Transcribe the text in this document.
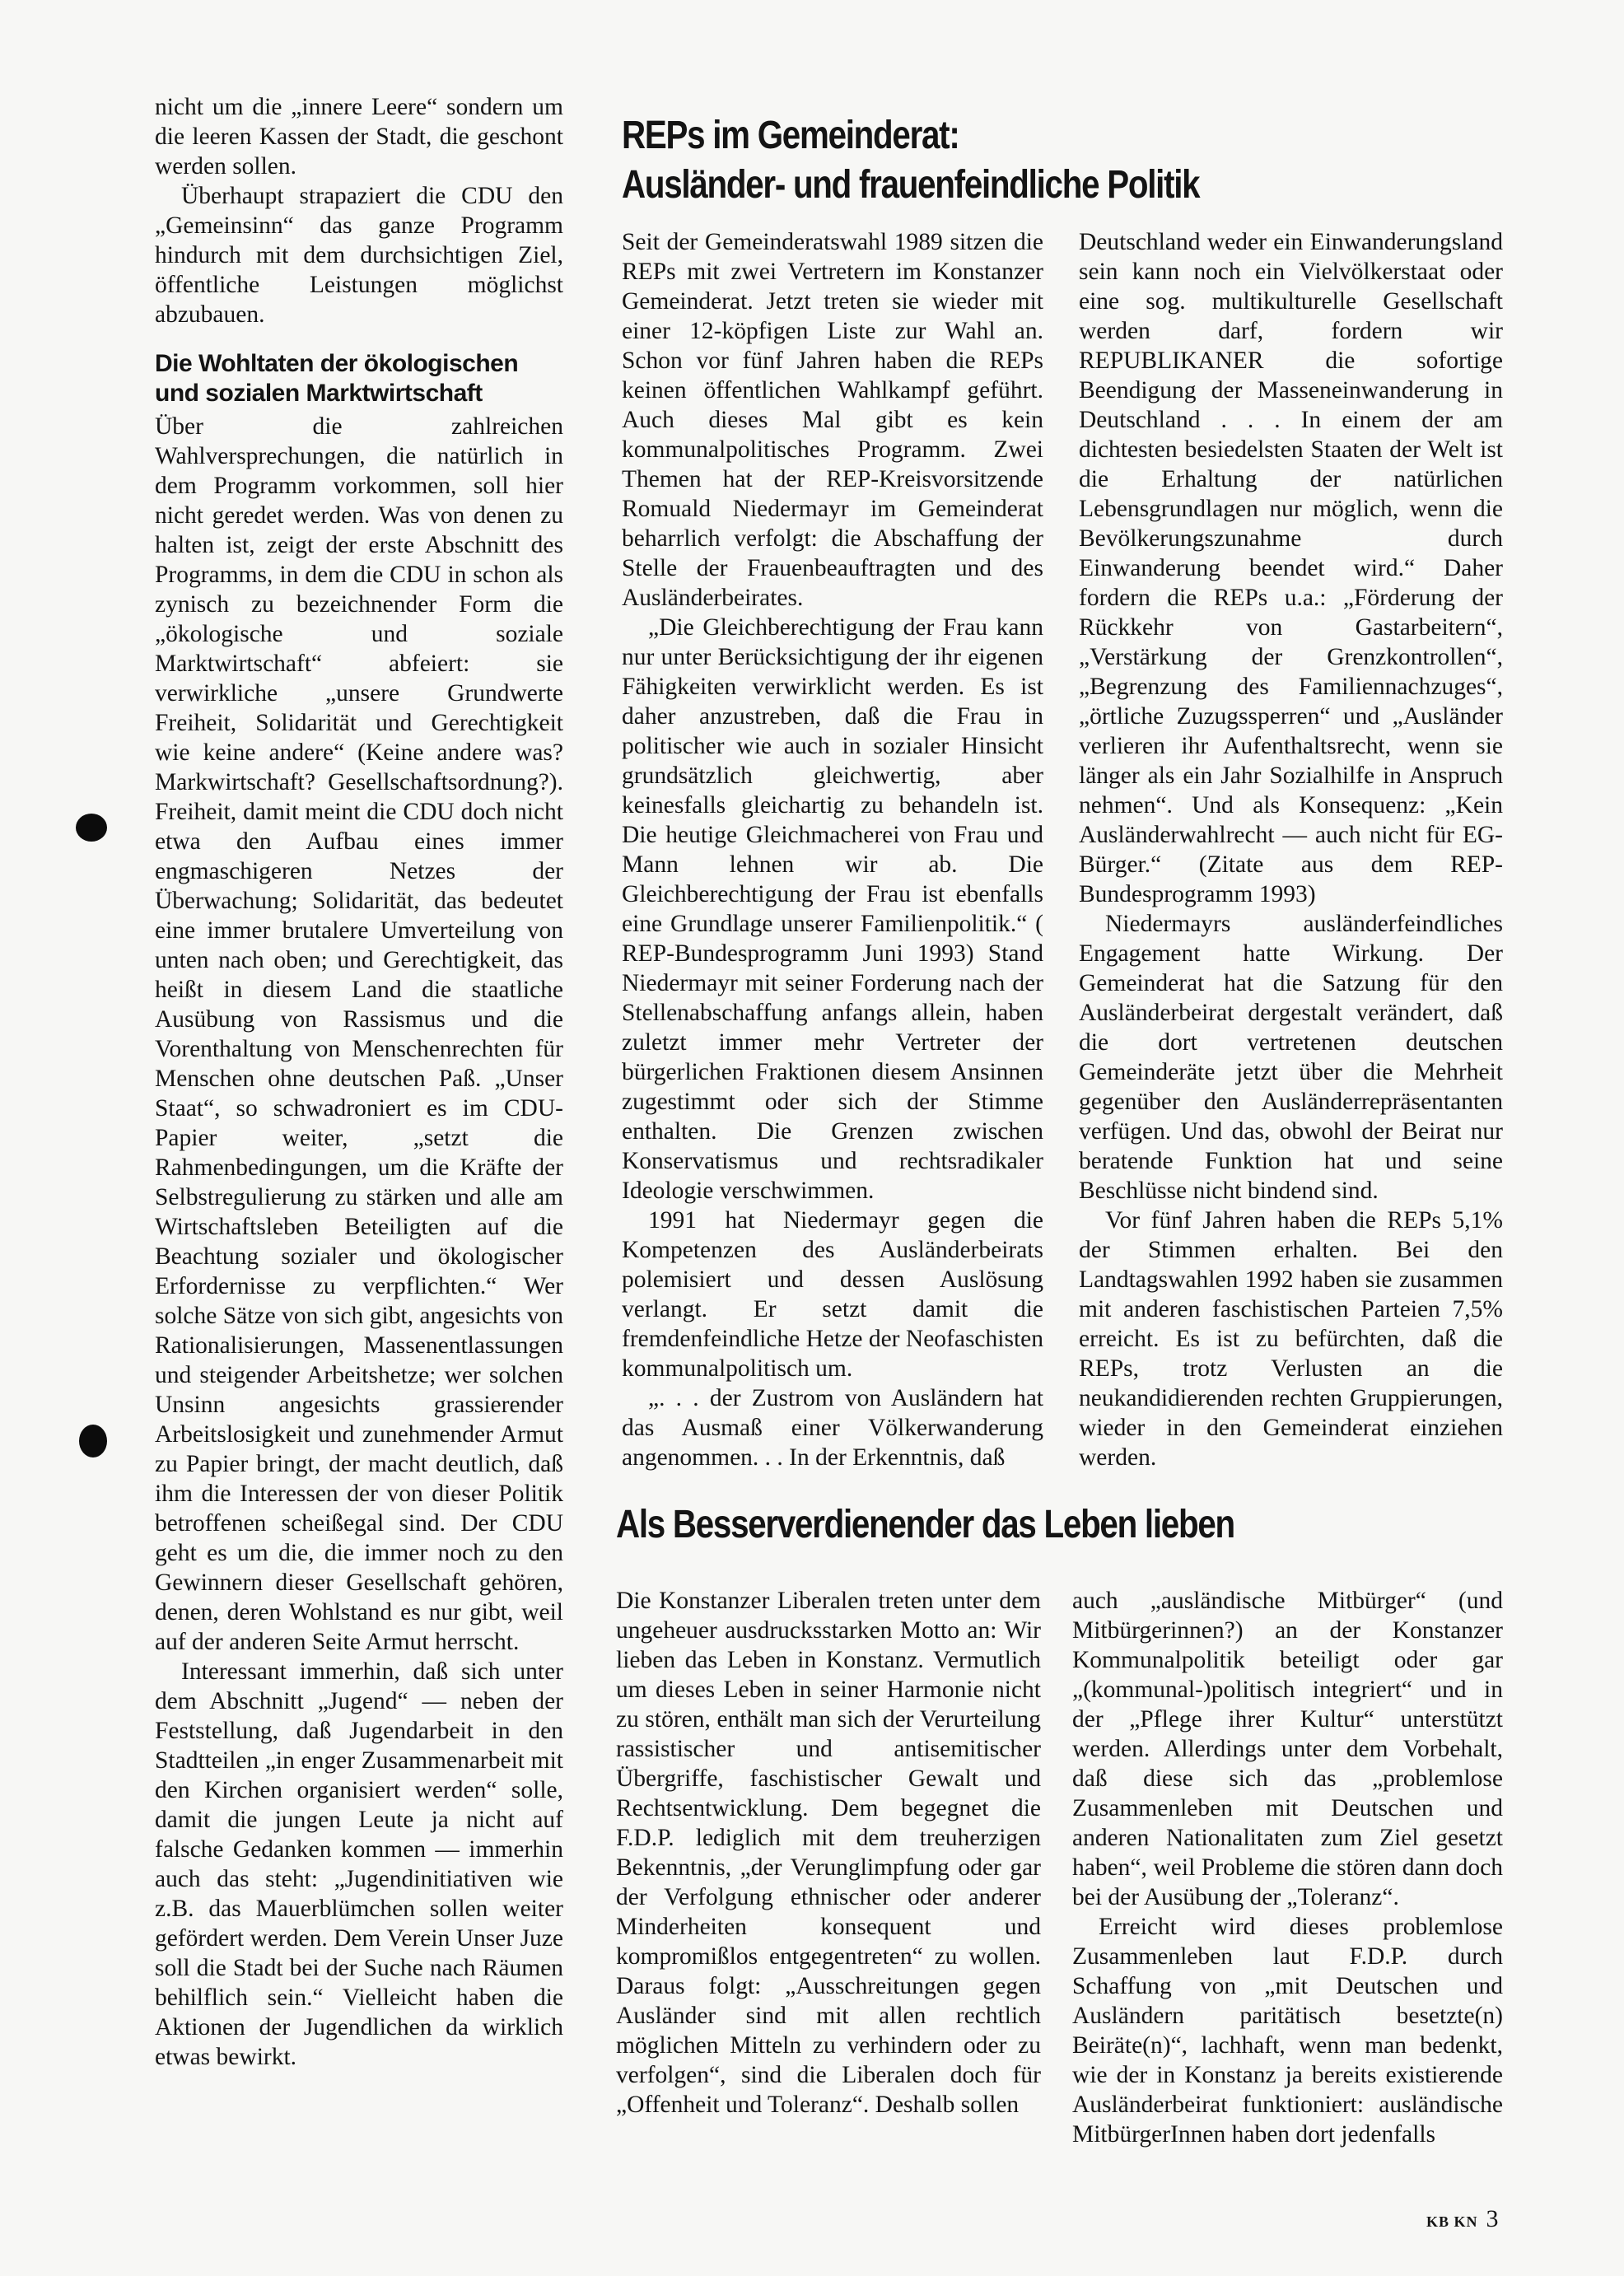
nicht um die „innere Leere“ sondern um die leeren Kassen der Stadt, die geschont werden sollen.

Überhaupt strapaziert die CDU den „Gemeinsinn“ das ganze Programm hindurch mit dem durchsichtigen Ziel, öffentliche Leistungen möglichst abzubauen.

Die Wohltaten der ökologischen und sozialen Marktwirtschaft

Über die zahlreichen Wahlversprechungen, die natürlich in dem Programm vorkommen, soll hier nicht geredet werden. Was von denen zu halten ist, zeigt der erste Abschnitt des Programms, in dem die CDU in schon als zynisch zu bezeichnender Form die „ökologische und soziale Marktwirtschaft“ abfeiert: sie verwirkliche „unsere Grundwerte Freiheit, Solidarität und Gerechtigkeit wie keine andere“ (Keine andere was? Markwirtschaft? Gesellschaftsordnung?). Freiheit, damit meint die CDU doch nicht etwa den Aufbau eines immer engmaschigeren Netzes der Überwachung; Solidarität, das bedeutet eine immer brutalere Umverteilung von unten nach oben; und Gerechtigkeit, das heißt in diesem Land die staatliche Ausübung von Rassismus und die Vorenthaltung von Menschenrechten für Menschen ohne deutschen Paß. „Unser Staat“, so schwadroniert es im CDU-Papier weiter, „setzt die Rahmenbedingungen, um die Kräfte der Selbstregulierung zu stärken und alle am Wirtschaftsleben Beteiligten auf die Beachtung sozialer und ökologischer Erfordernisse zu verpflichten.“ Wer solche Sätze von sich gibt, angesichts von Rationalisierungen, Massenentlassungen und steigender Arbeitshetze; wer solchen Unsinn angesichts grassierender Arbeitslosigkeit und zunehmender Armut zu Papier bringt, der macht deutlich, daß ihm die Interessen der von dieser Politik betroffenen scheißegal sind. Der CDU geht es um die, die immer noch zu den Gewinnern dieser Gesellschaft gehören, denen, deren Wohlstand es nur gibt, weil auf der anderen Seite Armut herrscht.

Interessant immerhin, daß sich unter dem Abschnitt „Jugend“ — neben der Feststellung, daß Jugendarbeit in den Stadtteilen „in enger Zusammenarbeit mit den Kirchen organisiert werden“ solle, damit die jungen Leute ja nicht auf falsche Gedanken kommen — immerhin auch das steht: „Jugendinitiativen wie z.B. das Mauerblümchen sollen weiter gefördert werden. Dem Verein Unser Juze soll die Stadt bei der Suche nach Räumen behilflich sein.“ Vielleicht haben die Aktionen der Jugendlichen da wirklich etwas bewirkt.

REPs im Gemeinderat:
Ausländer- und frauenfeindliche Politik

Seit der Gemeinderatswahl 1989 sitzen die REPs mit zwei Vertretern im Konstanzer Gemeinderat. Jetzt treten sie wieder mit einer 12-köpfigen Liste zur Wahl an. Schon vor fünf Jahren haben die REPs keinen öffentlichen Wahlkampf geführt. Auch dieses Mal gibt es kein kommunalpolitisches Programm. Zwei Themen hat der REP-Kreisvorsitzende Romuald Niedermayr im Gemeinderat beharrlich verfolgt: die Abschaffung der Stelle der Frauenbeauftragten und des Ausländerbeirates.

„Die Gleichberechtigung der Frau kann nur unter Berücksichtigung der ihr eigenen Fähigkeiten verwirklicht werden. Es ist daher anzustreben, daß die Frau in politischer wie auch in sozialer Hinsicht grundsätzlich gleichwertig, aber keinesfalls gleichartig zu behandeln ist. Die heutige Gleichmacherei von Frau und Mann lehnen wir ab. Die Gleichberechtigung der Frau ist ebenfalls eine Grundlage unserer Familienpolitik.“ ( REP-Bundesprogramm Juni 1993) Stand Niedermayr mit seiner Forderung nach der Stellenabschaffung anfangs allein, haben zuletzt immer mehr Vertreter der bürgerlichen Fraktionen diesem Ansinnen zugestimmt oder sich der Stimme enthalten. Die Grenzen zwischen Konservatismus und rechtsradikaler Ideologie verschwimmen.

1991 hat Niedermayr gegen die Kompetenzen des Ausländerbeirats polemisiert und dessen Auslösung verlangt. Er setzt damit die fremdenfeindliche Hetze der Neofaschisten kommunalpolitisch um.

„. . . der Zustrom von Ausländern hat das Ausmaß einer Völkerwanderung angenommen. . . In der Erkenntnis, daß

Deutschland weder ein Einwanderungsland sein kann noch ein Vielvölkerstaat oder eine sog. multikulturelle Gesellschaft werden darf, fordern wir REPUBLIKANER die sofortige Beendigung der Masseneinwanderung in Deutschland . . . In einem der am dichtesten besiedelsten Staaten der Welt ist die Erhaltung der natürlichen Lebensgrundlagen nur möglich, wenn die Bevölkerungszunahme durch Einwanderung beendet wird.“ Daher fordern die REPs u.a.: „Förderung der Rückkehr von Gastarbeitern“, „Verstärkung der Grenzkontrollen“, „Begrenzung des Familiennachzuges“, „örtliche Zuzugssperren“ und „Ausländer verlieren ihr Aufenthaltsrecht, wenn sie länger als ein Jahr Sozialhilfe in Anspruch nehmen“. Und als Konsequenz: „Kein Ausländerwahlrecht — auch nicht für EG-Bürger.“ (Zitate aus dem REP-Bundesprogramm 1993)

Niedermayrs ausländerfeindliches Engagement hatte Wirkung. Der Gemeinderat hat die Satzung für den Ausländerbeirat dergestalt verändert, daß die dort vertretenen deutschen Gemeinderäte jetzt über die Mehrheit gegenüber den Ausländerrepräsentanten verfügen. Und das, obwohl der Beirat nur beratende Funktion hat und seine Beschlüsse nicht bindend sind.

Vor fünf Jahren haben die REPs 5,1% der Stimmen erhalten. Bei den Landtagswahlen 1992 haben sie zusammen mit anderen faschistischen Parteien 7,5% erreicht. Es ist zu befürchten, daß die REPs, trotz Verlusten an die neukandidierenden rechten Gruppierungen, wieder in den Gemeinderat einziehen werden.

Als Besserverdienender das Leben lieben

Die Konstanzer Liberalen treten unter dem ungeheuer ausdrucksstarken Motto an: Wir lieben das Leben in Konstanz. Vermutlich um dieses Leben in seiner Harmonie nicht zu stören, enthält man sich der Verurteilung rassistischer und antisemitischer Übergriffe, faschistischer Gewalt und Rechtsentwicklung. Dem begegnet die F.D.P. lediglich mit dem treuherzigen Bekenntnis, „der Verunglimpfung oder gar der Verfolgung ethnischer oder anderer Minderheiten konsequent und kompromißlos entgegentreten“ zu wollen. Daraus folgt: „Ausschreitungen gegen Ausländer sind mit allen rechtlich möglichen Mitteln zu verhindern oder zu verfolgen“, sind die Liberalen doch für „Offenheit und Toleranz“. Deshalb sollen

auch „ausländische Mitbürger“ (und Mitbürgerinnen?) an der Konstanzer Kommunalpolitik beteiligt oder gar „(kommunal-)politisch integriert“ und in der „Pflege ihrer Kultur“ unterstützt werden. Allerdings unter dem Vorbehalt, daß diese sich das „problemlose Zusammenleben mit Deutschen und anderen Nationalitaten zum Ziel gesetzt haben“, weil Probleme die stören dann doch bei der Ausübung der „Toleranz“.

Erreicht wird dieses problemlose Zusammenleben laut F.D.P. durch Schaffung von „mit Deutschen und Ausländern paritätisch besetzte(n) Beiräte(n)“, lachhaft, wenn man bedenkt, wie der in Konstanz ja bereits existierende Ausländerbeirat funktioniert: ausländische MitbürgerInnen haben dort jedenfalls

KB KN 3
